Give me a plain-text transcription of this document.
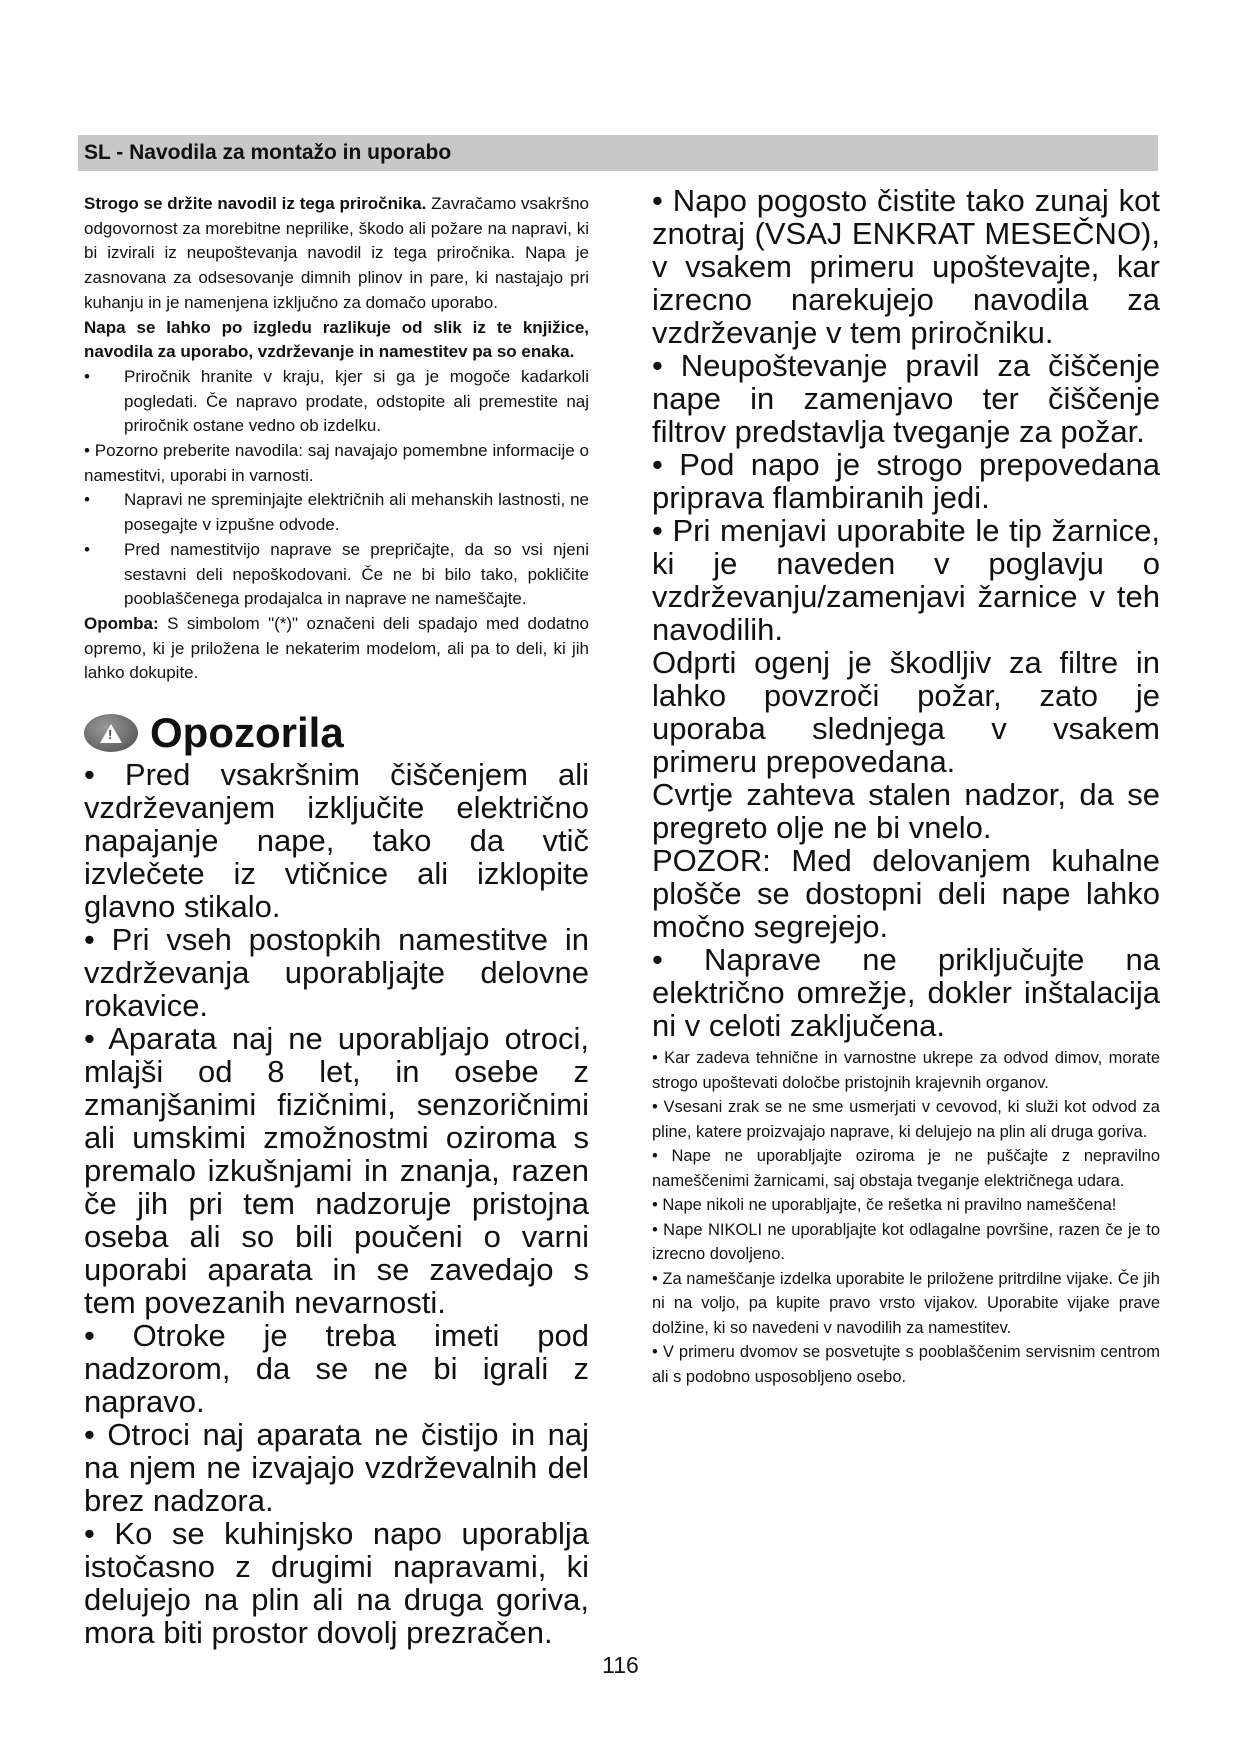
SL - Navodila za montažo in uporabo

Strogo se držite navodil iz tega priročnika. Zavračamo vsakršno odgovornost za morebitne neprilike, škodo ali požare na napravi, ki bi izvirali iz neupoštevanja navodil iz tega priročnika. Napa je zasnovana za odsesovanje dimnih plinov in pare, ki nastajajo pri kuhanju in je namenjena izključno za domačo uporabo.

Napa se lahko po izgledu razlikuje od slik iz te knjižice, navodila za uporabo, vzdrževanje in namestitev pa so enaka.

•	Priročnik hranite v kraju, kjer si ga je mogoče kadarkoli pogledati. Če napravo prodate, odstopite ali premestite naj priročnik ostane vedno ob izdelku.

• Pozorno preberite navodila: saj navajajo pomembne informacije o namestitvi, uporabi in varnosti.

•	Napravi ne spreminjajte električnih ali mehanskih lastnosti, ne posegajte v izpušne odvode.
•	Pred namestitvijo naprave se prepričajte, da so vsi njeni sestavni deli nepoškodovani. Če ne bi bilo tako, pokličite pooblaščenega prodajalca in naprave ne nameščajte.

Opomba: S simbolom "(*)" označeni deli spadajo med dodatno opremo, ki je priložena le nekaterim modelom, ali pa to deli, ki jih lahko dokupite.

!
Opozorila

• Pred vsakršnim čiščenjem ali vzdrževanjem izključite električno napajanje nape, tako da vtič izvlečete iz vtičnice ali izklopite glavno stikalo.

• Pri vseh postopkih namestitve in vzdrževanja uporabljajte delovne rokavice.

• Aparata naj ne uporabljajo otroci, mlajši od 8 let, in osebe z zmanjšanimi fizičnimi, senzoričnimi ali umskimi zmožnostmi oziroma s premalo izkušnjami in znanja, razen če jih pri tem nadzoruje pristojna oseba ali so bili poučeni o varni uporabi aparata in se zavedajo s tem povezanih nevarnosti.

• Otroke je treba imeti pod nadzorom, da se ne bi igrali z napravo.

• Otroci naj aparata ne čistijo in naj na njem ne izvajajo vzdrževalnih del brez nadzora.

• Ko se kuhinjsko napo uporablja istočasno z drugimi napravami, ki delujejo na plin ali na druga goriva, mora biti prostor dovolj prezračen.

• Napo pogosto čistite tako zunaj kot znotraj (VSAJ ENKRAT MESEČNO), v vsakem primeru upoštevajte, kar izrecno narekujejo navodila za vzdrževanje v tem priročniku.

• Neupoštevanje pravil za čiščenje nape in zamenjavo ter čiščenje filtrov predstavlja tveganje za požar.

• Pod napo je strogo prepovedana priprava flambiranih jedi.

• Pri menjavi uporabite le tip žarnice, ki je naveden v poglavju o vzdrževanju/zamenjavi žarnice v teh navodilih.

Odprti ogenj je škodljiv za filtre in lahko povzroči požar, zato je uporaba slednjega v vsakem primeru prepovedana.

Cvrtje zahteva stalen nadzor, da se pregreto olje ne bi vnelo.

POZOR: Med delovanjem kuhalne plošče se dostopni deli nape lahko močno segrejejo.

• Naprave ne priključujte na električno omrežje, dokler inštalacija ni v celoti zaključena.

• Kar zadeva tehnične in varnostne ukrepe za odvod dimov, morate strogo upoštevati določbe pristojnih krajevnih organov.

• Vsesani zrak se ne sme usmerjati v cevovod, ki služi kot odvod za pline, katere proizvajajo naprave, ki delujejo na plin ali druga goriva.

• Nape ne uporabljajte oziroma je ne puščajte z nepravilno nameščenimi žarnicami, saj obstaja tveganje električnega udara.

• Nape nikoli ne uporabljajte, če rešetka ni pravilno nameščena!

• Nape NIKOLI ne uporabljajte kot odlagalne površine, razen če je to izrecno dovoljeno.

• Za nameščanje izdelka uporabite le priložene pritrdilne vijake. Če jih ni na voljo, pa kupite pravo vrsto vijakov. Uporabite vijake prave dolžine, ki so navedeni v navodilih za namestitev.

• V primeru dvomov se posvetujte s pooblaščenim servisnim centrom ali s podobno usposobljeno osebo.

116
